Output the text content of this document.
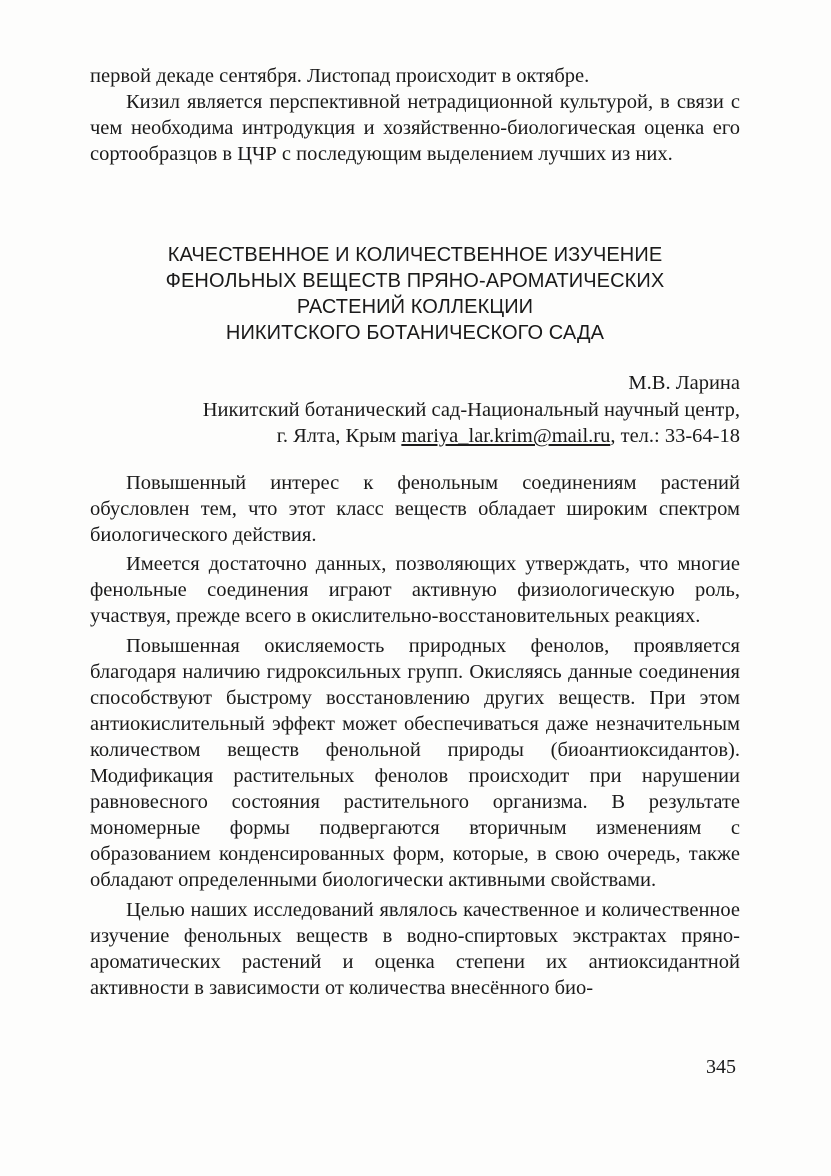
первой декаде сентября. Листопад происходит в октябре.

Кизил является перспективной нетрадиционной культурой, в связи с чем необходима интродукция и хозяйственно-биологическая оценка его сортообразцов в ЦЧР с последующим выделением лучших из них.

КАЧЕСТВЕННОЕ И КОЛИЧЕСТВЕННОЕ ИЗУЧЕНИЕ
ФЕНОЛЬНЫХ ВЕЩЕСТВ ПРЯНО-АРОМАТИЧЕСКИХ
РАСТЕНИЙ КОЛЛЕКЦИИ
НИКИТСКОГО БОТАНИЧЕСКОГО САДА
М.В. Ларина
Никитский ботанический сад-Национальный научный центр,
г. Ялта, Крым mariya_lar.krim@mail.ru, тел.: 33-64-18

Повышенный интерес к фенольным соединениям растений обусловлен тем, что этот класс веществ обладает широким спектром биологического действия.

Имеется достаточно данных, позволяющих утверждать, что многие фенольные соединения играют активную физиологическую роль, участвуя, прежде всего в окислительно-восстановительных реакциях.

Повышенная окисляемость природных фенолов, проявляется благодаря наличию гидроксильных групп. Окисляясь данные соединения способствуют быстрому восстановлению других веществ. При этом антиокислительный эффект может обеспечиваться даже незначительным количеством веществ фенольной природы (биоантиоксидантов). Модификация растительных фенолов происходит при нарушении равновесного состояния растительного организма. В результате мономерные формы подвергаются вторичным изменениям с образованием конденсированных форм, которые, в свою очередь, также обладают определенными биологически активными свойствами.

Целью наших исследований являлось качественное и количественное изучение фенольных веществ в водно-спиртовых экстрактах пряно-ароматических растений и оценка степени их антиоксидантной активности в зависимости от количества внесённого био-

345
